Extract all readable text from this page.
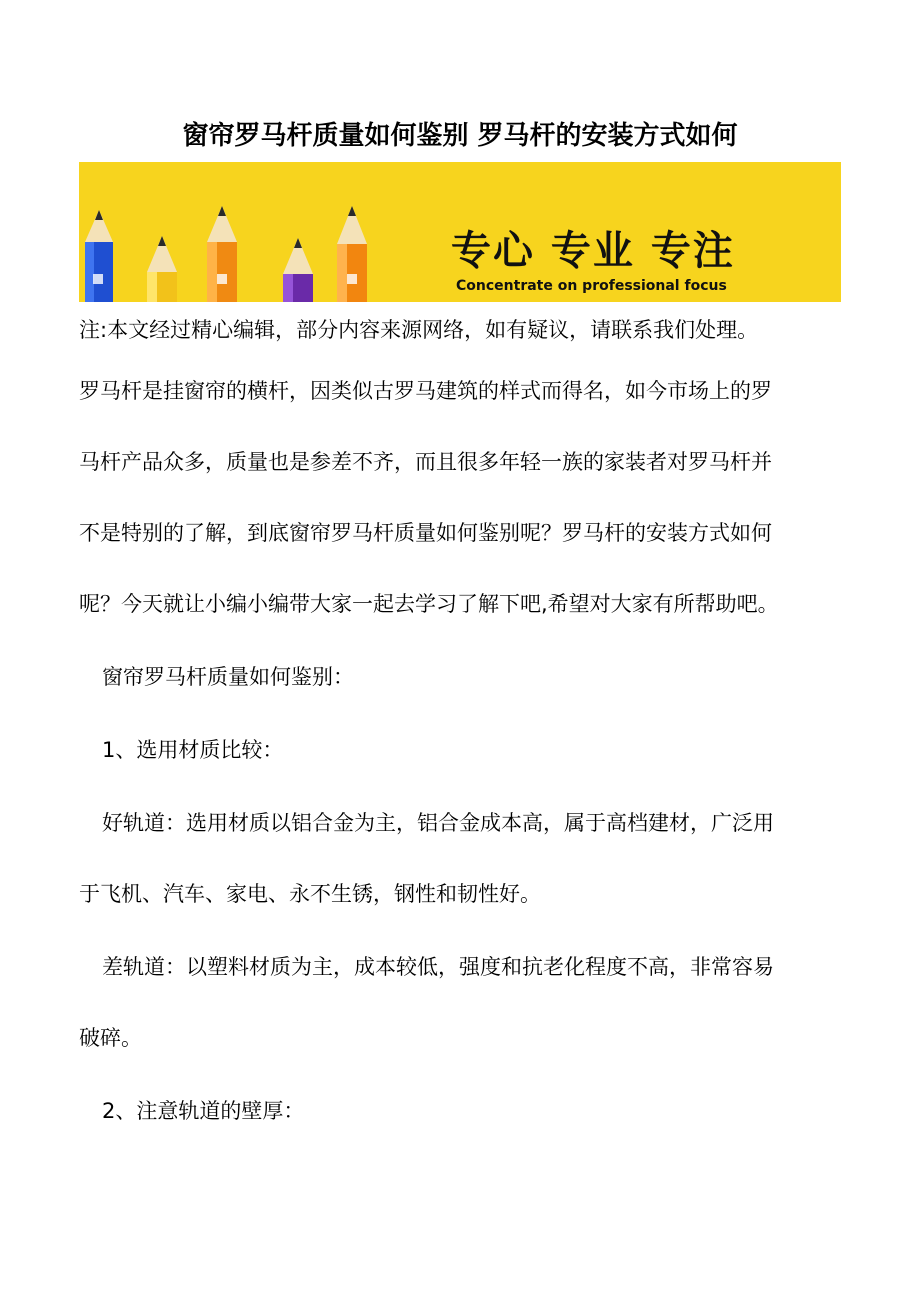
窗帘罗马杆质量如何鉴别 罗马杆的安装方式如何
专心 专业 专注
Concentrate on professional focus
注:本文经过精心编辑，部分内容来源网络，如有疑议，请联系我们处理。
罗马杆是挂窗帘的横杆，因类似古罗马建筑的样式而得名，如今市场上的罗
马杆产品众多，质量也是参差不齐，而且很多年轻一族的家装者对罗马杆并
不是特别的了解，到底窗帘罗马杆质量如何鉴别呢？罗马杆的安装方式如何
呢？今天就让小编小编带大家一起去学习了解下吧,希望对大家有所帮助吧。
窗帘罗马杆质量如何鉴别：
1、选用材质比较：
好轨道：选用材质以铝合金为主，铝合金成本高，属于高档建材，广泛用
于飞机、汽车、家电、永不生锈，钢性和韧性好。
差轨道：以塑料材质为主，成本较低，强度和抗老化程度不高，非常容易
破碎。
2、注意轨道的壁厚：
